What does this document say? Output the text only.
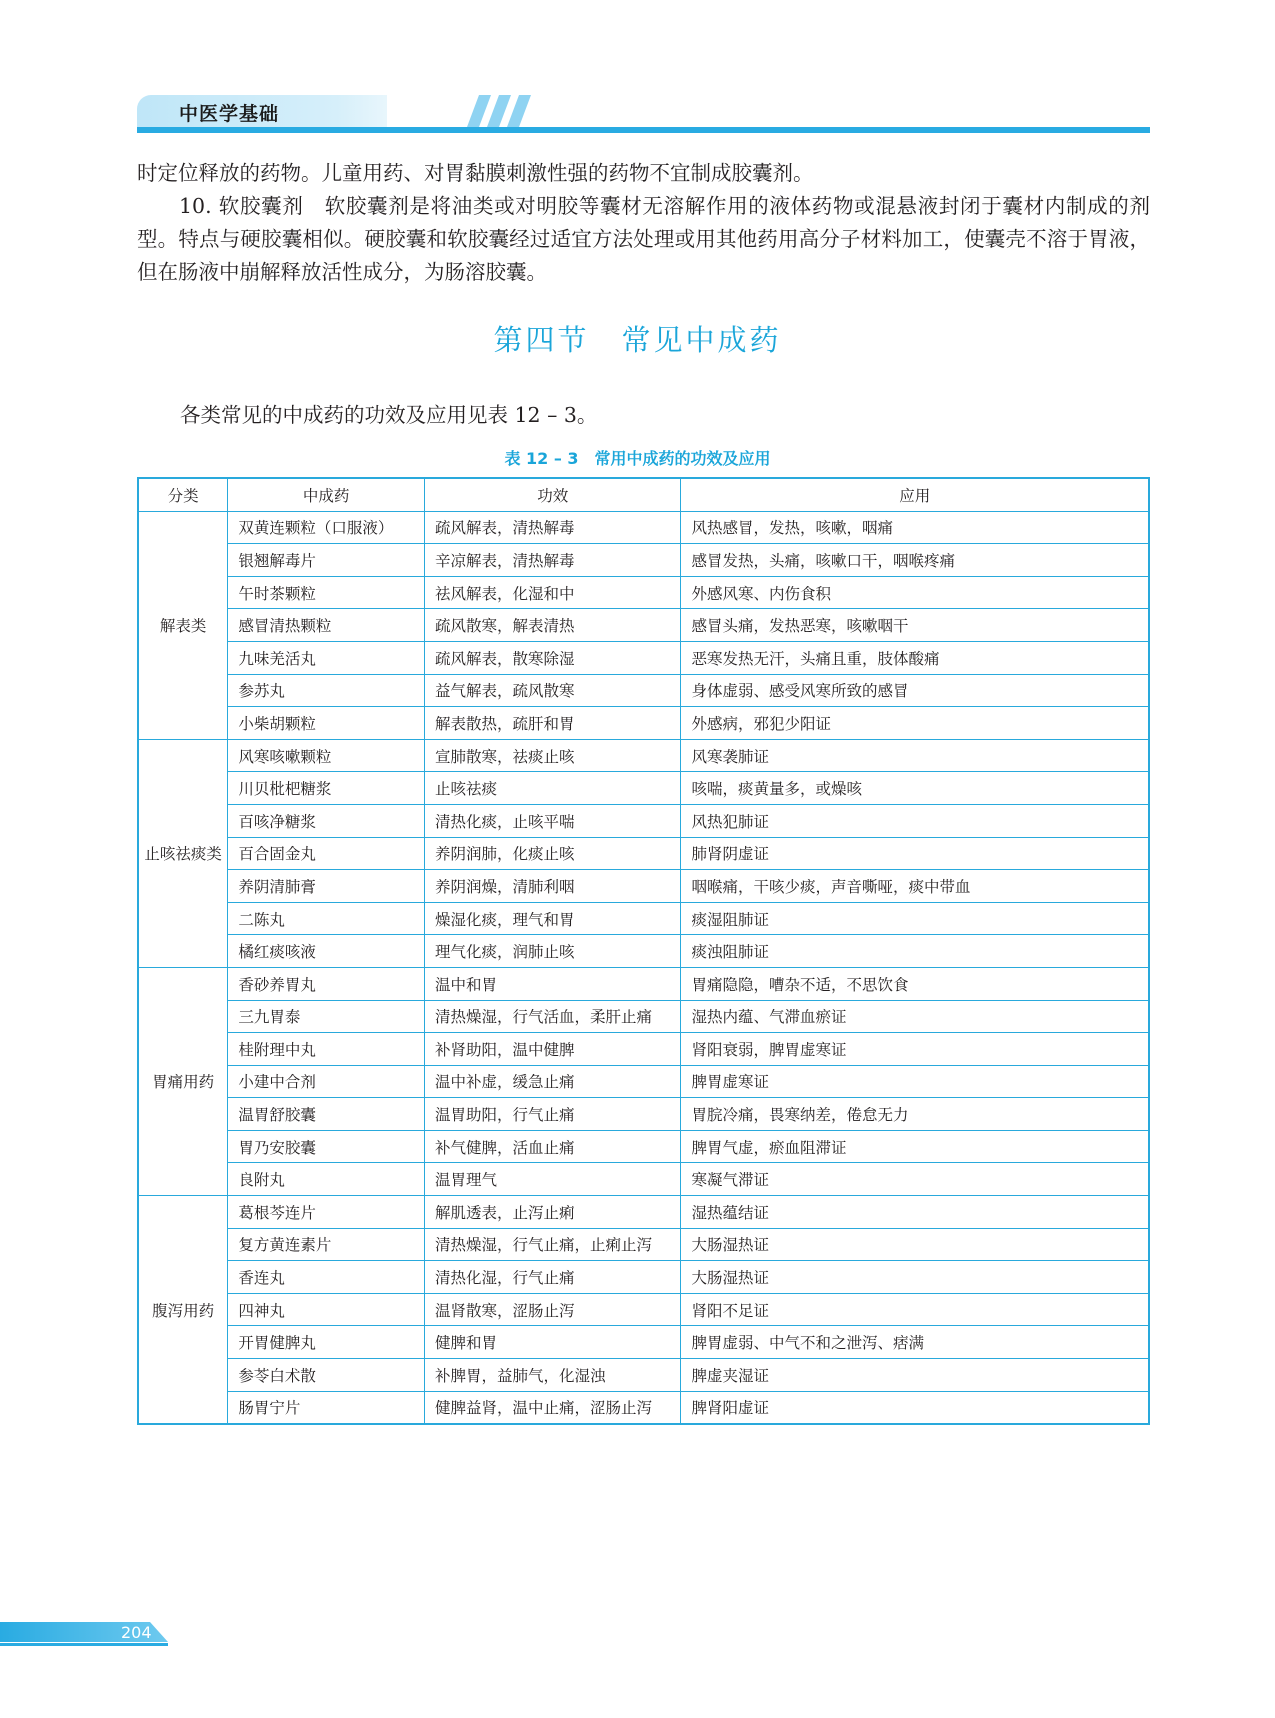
中医学基础
时定位释放的药物。儿童用药、对胃黏膜刺激性强的药物不宜制成胶囊剂。
10. 软胶囊剂　软胶囊剂是将油类或对明胶等囊材无溶解作用的液体药物或混悬液封闭于囊材内制成的剂型。特点与硬胶囊相似。硬胶囊和软胶囊经过适宜方法处理或用其他药用高分子材料加工，使囊壳不溶于胃液，但在肠液中崩解释放活性成分，为肠溶胶囊。
第四节　常见中成药
各类常见的中成药的功效及应用见表 12 – 3。
表 12 – 3　常用中成药的功效及应用
分类	中成药	功效	应用
解表类	双黄连颗粒（口服液）	疏风解表，清热解毒	风热感冒，发热，咳嗽，咽痛
	银翘解毒片	辛凉解表，清热解毒	感冒发热，头痛，咳嗽口干，咽喉疼痛
	午时茶颗粒	祛风解表，化湿和中	外感风寒、内伤食积
	感冒清热颗粒	疏风散寒，解表清热	感冒头痛，发热恶寒，咳嗽咽干
	九味羌活丸	疏风解表，散寒除湿	恶寒发热无汗，头痛且重，肢体酸痛
	参苏丸	益气解表，疏风散寒	身体虚弱、感受风寒所致的感冒
	小柴胡颗粒	解表散热，疏肝和胃	外感病，邪犯少阳证
止咳祛痰类	风寒咳嗽颗粒	宣肺散寒，祛痰止咳	风寒袭肺证
	川贝枇杷糖浆	止咳祛痰	咳喘，痰黄量多，或燥咳
	百咳净糖浆	清热化痰，止咳平喘	风热犯肺证
	百合固金丸	养阴润肺，化痰止咳	肺肾阴虚证
	养阴清肺膏	养阴润燥，清肺利咽	咽喉痛，干咳少痰，声音嘶哑，痰中带血
	二陈丸	燥湿化痰，理气和胃	痰湿阻肺证
	橘红痰咳液	理气化痰，润肺止咳	痰浊阻肺证
胃痛用药	香砂养胃丸	温中和胃	胃痛隐隐，嘈杂不适，不思饮食
	三九胃泰	清热燥湿，行气活血，柔肝止痛	湿热内蕴、气滞血瘀证
	桂附理中丸	补肾助阳，温中健脾	肾阳衰弱，脾胃虚寒证
	小建中合剂	温中补虚，缓急止痛	脾胃虚寒证
	温胃舒胶囊	温胃助阳，行气止痛	胃脘冷痛，畏寒纳差，倦怠无力
	胃乃安胶囊	补气健脾，活血止痛	脾胃气虚，瘀血阻滞证
	良附丸	温胃理气	寒凝气滞证
腹泻用药	葛根芩连片	解肌透表，止泻止痢	湿热蕴结证
	复方黄连素片	清热燥湿，行气止痛，止痢止泻	大肠湿热证
	香连丸	清热化湿，行气止痛	大肠湿热证
	四神丸	温肾散寒，涩肠止泻	肾阳不足证
	开胃健脾丸	健脾和胃	脾胃虚弱、中气不和之泄泻、痞满
	参苓白术散	补脾胃，益肺气，化湿浊	脾虚夹湿证
	肠胃宁片	健脾益肾，温中止痛，涩肠止泻	脾肾阳虚证
204
